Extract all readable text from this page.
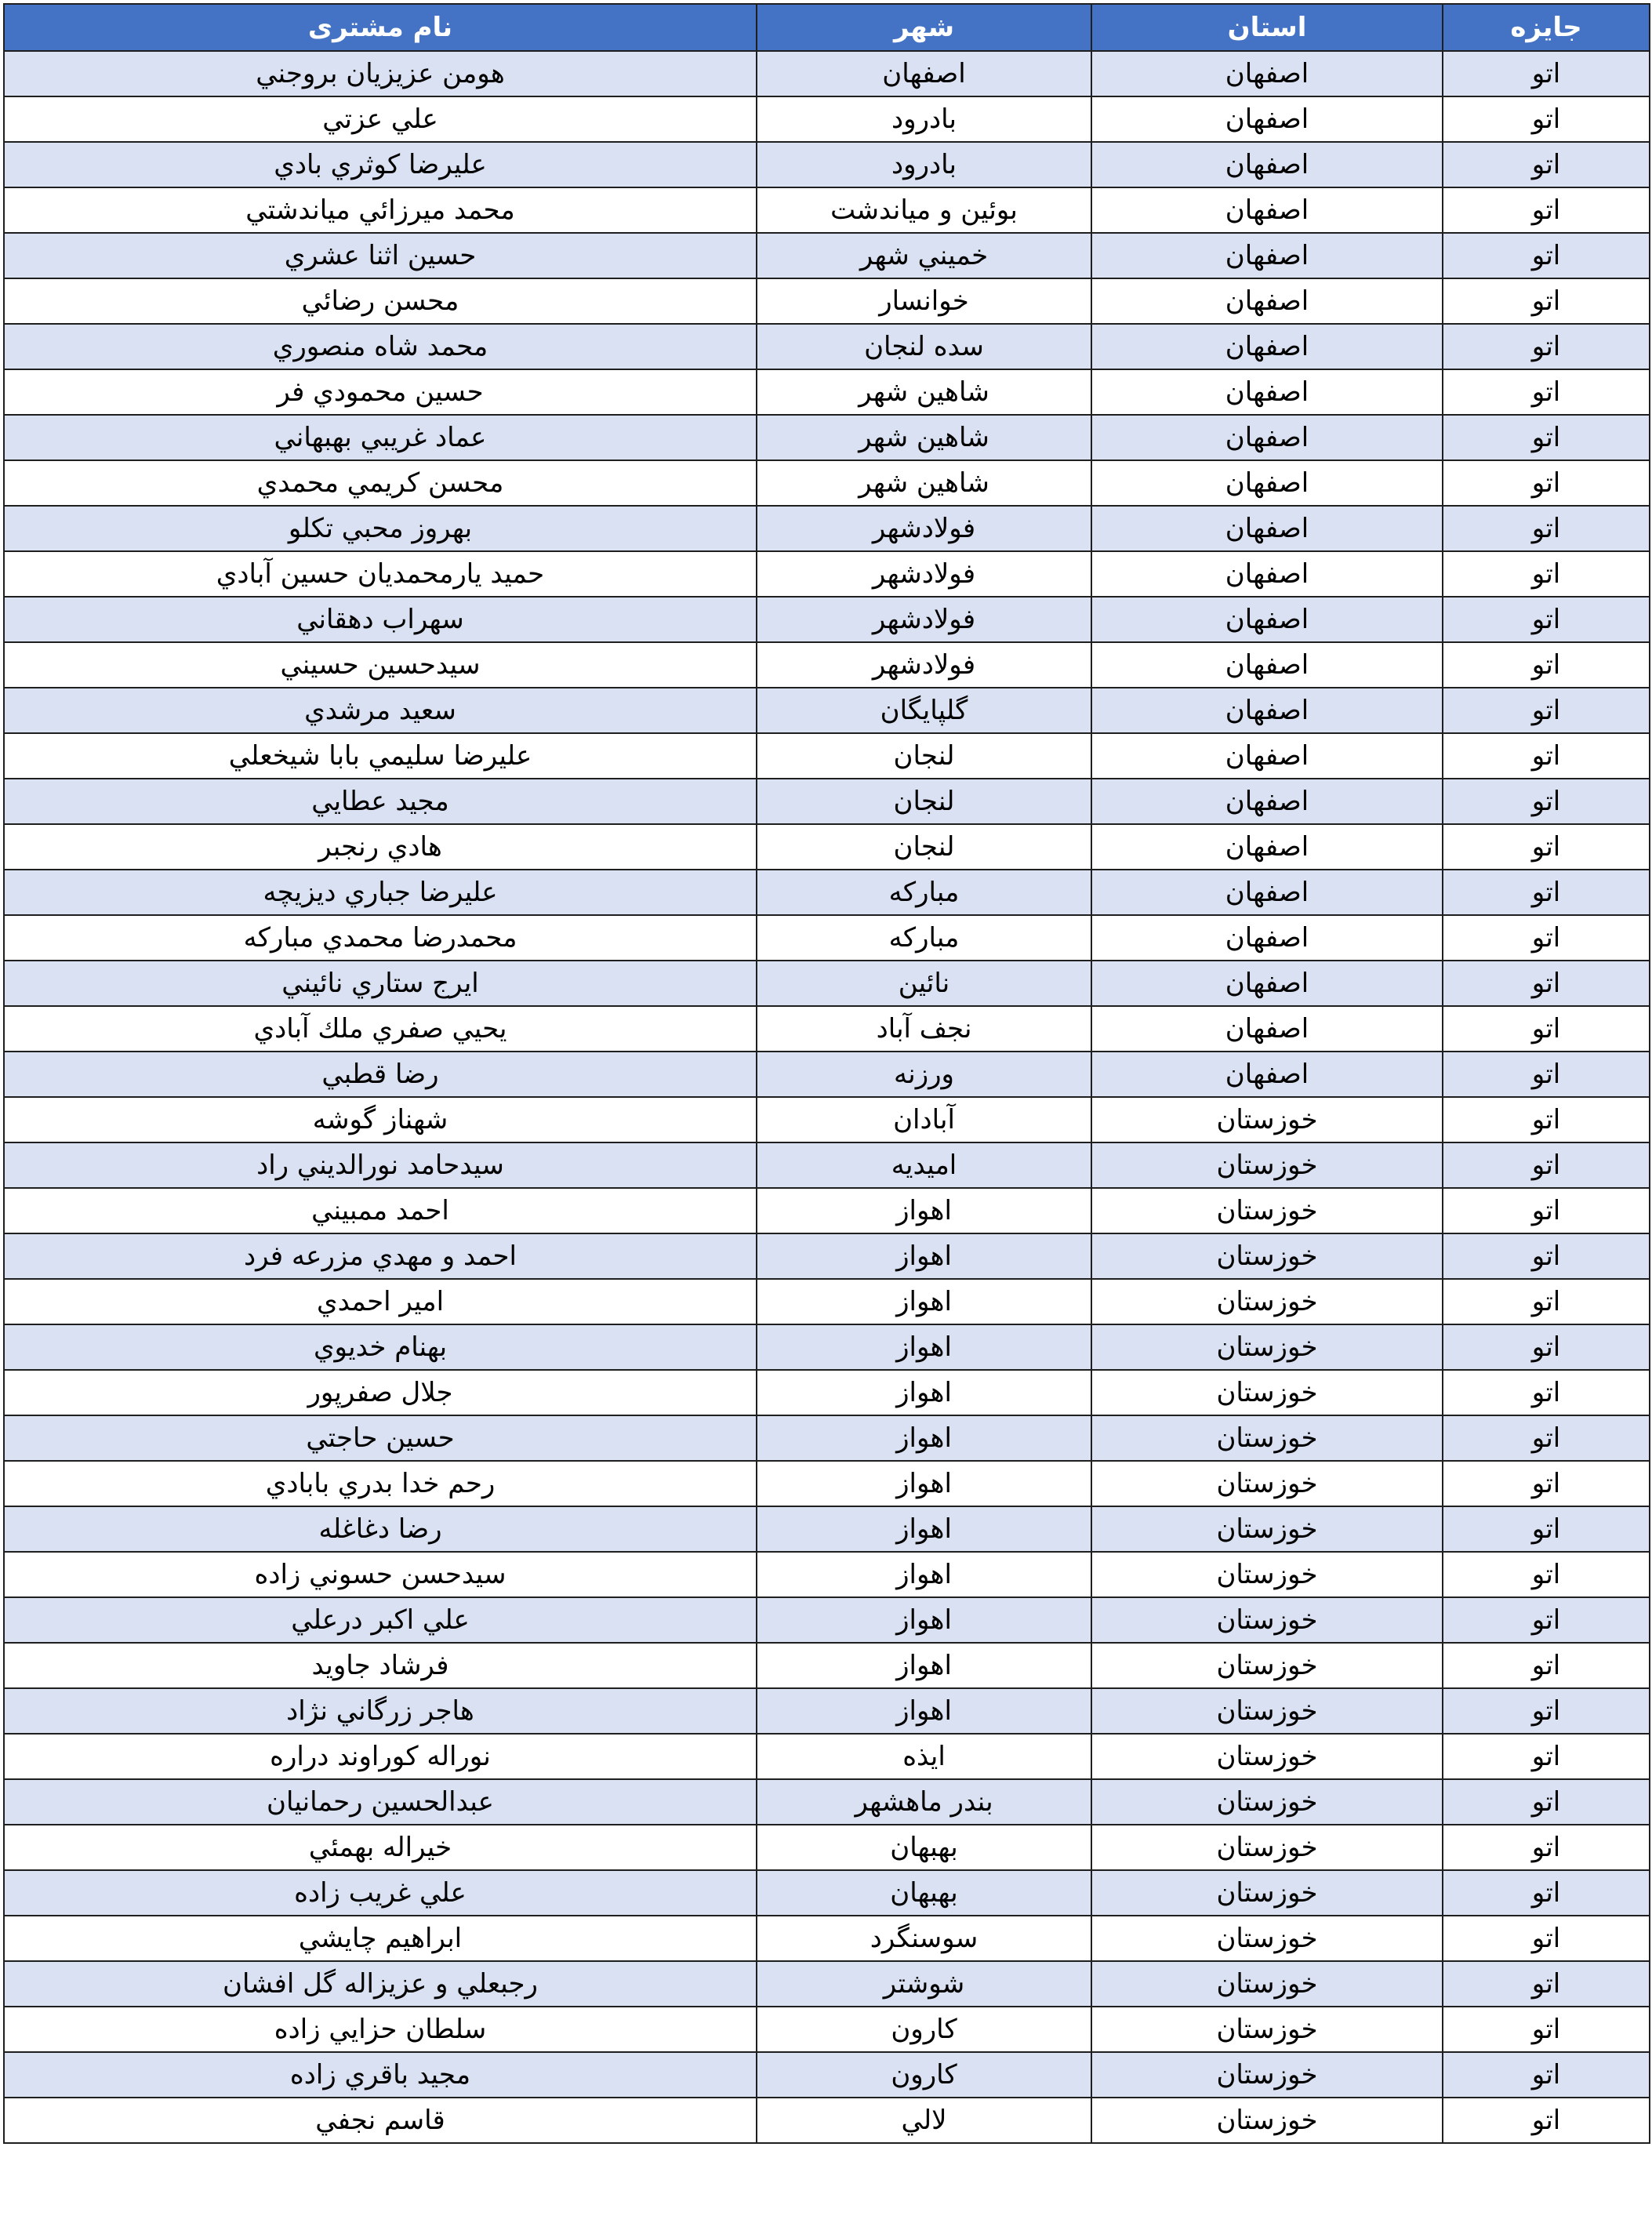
جایزه	استان	شهر	نام مشتری
اتو	اصفهان	اصفهان	هومن عزيزيان بروجني
اتو	اصفهان	بادرود	علي عزتي
اتو	اصفهان	بادرود	عليرضا كوثري بادي
اتو	اصفهان	بوئين و مياندشت	محمد ميرزائي مياندشتي
اتو	اصفهان	خميني شهر	حسين اثنا عشري
اتو	اصفهان	خوانسار	محسن رضائي
اتو	اصفهان	سده لنجان	محمد شاه منصوري
اتو	اصفهان	شاهين شهر	حسين محمودي فر
اتو	اصفهان	شاهين شهر	عماد غريبي بهبهاني
اتو	اصفهان	شاهين شهر	محسن كريمي محمدي
اتو	اصفهان	فولادشهر	بهروز محبي تكلو
اتو	اصفهان	فولادشهر	حميد يارمحمديان حسين آبادي
اتو	اصفهان	فولادشهر	سهراب دهقاني
اتو	اصفهان	فولادشهر	سيدحسين حسيني
اتو	اصفهان	گلپايگان	سعيد مرشدي
اتو	اصفهان	لنجان	عليرضا سليمي بابا شيخعلي
اتو	اصفهان	لنجان	مجيد عطايي
اتو	اصفهان	لنجان	هادي رنجبر
اتو	اصفهان	مباركه	عليرضا جباري ديزيچه
اتو	اصفهان	مباركه	محمدرضا محمدي مباركه
اتو	اصفهان	نائين	ايرج ستاري نائيني
اتو	اصفهان	نجف آباد	يحيي صفري ملك آبادي
اتو	اصفهان	ورزنه	رضا قطبي
اتو	خوزستان	آبادان	شهناز گوشه
اتو	خوزستان	اميديه	سيدحامد نورالديني راد
اتو	خوزستان	اهواز	احمد ممبيني
اتو	خوزستان	اهواز	احمد و مهدي مزرعه فرد
اتو	خوزستان	اهواز	امير احمدي
اتو	خوزستان	اهواز	بهنام خديوي
اتو	خوزستان	اهواز	جلال صفرپور
اتو	خوزستان	اهواز	حسين حاجتي
اتو	خوزستان	اهواز	رحم خدا بدري بابادي
اتو	خوزستان	اهواز	رضا دغاغله
اتو	خوزستان	اهواز	سيدحسن حسوني زاده
اتو	خوزستان	اهواز	علي اكبر درعلي
اتو	خوزستان	اهواز	فرشاد جاويد
اتو	خوزستان	اهواز	هاجر زرگاني نژاد
اتو	خوزستان	ايذه	نوراله كوراوند دراره
اتو	خوزستان	بندر ماهشهر	عبدالحسين رحمانيان
اتو	خوزستان	بهبهان	خيراله بهمئي
اتو	خوزستان	بهبهان	علي غريب زاده
اتو	خوزستان	سوسنگرد	ابراهيم چايشي
اتو	خوزستان	شوشتر	رجبعلي و عزيزاله گل افشان
اتو	خوزستان	كارون	سلطان حزايي زاده
اتو	خوزستان	كارون	مجيد باقري زاده
اتو	خوزستان	لالي	قاسم نجفي
